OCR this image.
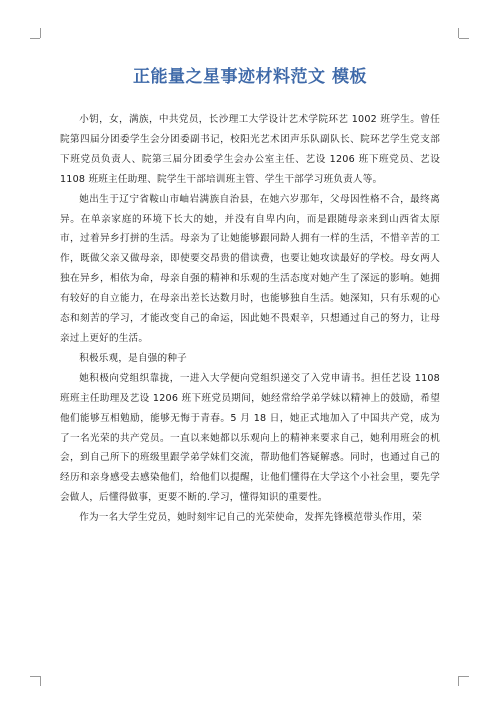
正能量之星事迹材料范文 模板

小钥，女，满族，中共党员，长沙理工大学设计艺术学院环艺 1002 班学生。曾任院第四届分团委学生会分团委副书记，校阳光艺术团声乐队副队长、院环艺学生党支部下班党员负责人、院第三届分团委学生会办公室主任、艺设 1206 班下班党员、艺设 1108 班班主任助理、院学生干部培训班主管、学生干部学习班负责人等。

她出生于辽宁省鞍山市岫岩满族自治县，在她六岁那年，父母因性格不合，最终离异。在单亲家庭的环境下长大的她，并没有自卑内向，而是跟随母亲来到山西省太原市，过着异乡打拼的生活。母亲为了让她能够跟同龄人拥有一样的生活，不惜辛苦的工作，既做父亲又做母亲，即使要交昂贵的借读费，也要让她攻读最好的学校。母女两人独在异乡，相依为命，母亲自强的精神和乐观的生活态度对她产生了深远的影响。她拥有较好的自立能力，在母亲出差长达数月时，也能够独自生活。她深知，只有乐观的心态和刻苦的学习，才能改变自己的命运，因此她不畏艰辛，只想通过自己的努力，让母亲过上更好的生活。

积极乐观，是自强的种子

她积极向党组织靠拢，一进入大学便向党组织递交了入党申请书。担任艺设 1108 班班主任助理及艺设 1206 班下班党员期间，她经常给学弟学妹以精神上的鼓励，希望他们能够互相勉励，能够无悔于青春。5 月 18 日，她正式地加入了中国共产党，成为了一名光荣的共产党员。一直以来她都以乐观向上的精神来要求自己，她利用班会的机会，到自己所下的班级里跟学弟学妹们交流，帮助他们答疑解惑。同时，也通过自己的经历和亲身感受去感染他们，给他们以提醒，让他们懂得在大学这个小社会里，要先学会做人，后懂得做事，更要不断的.学习，懂得知识的重要性。

作为一名大学生党员，她时刻牢记自己的光荣使命，发挥先锋模范带头作用，荣
